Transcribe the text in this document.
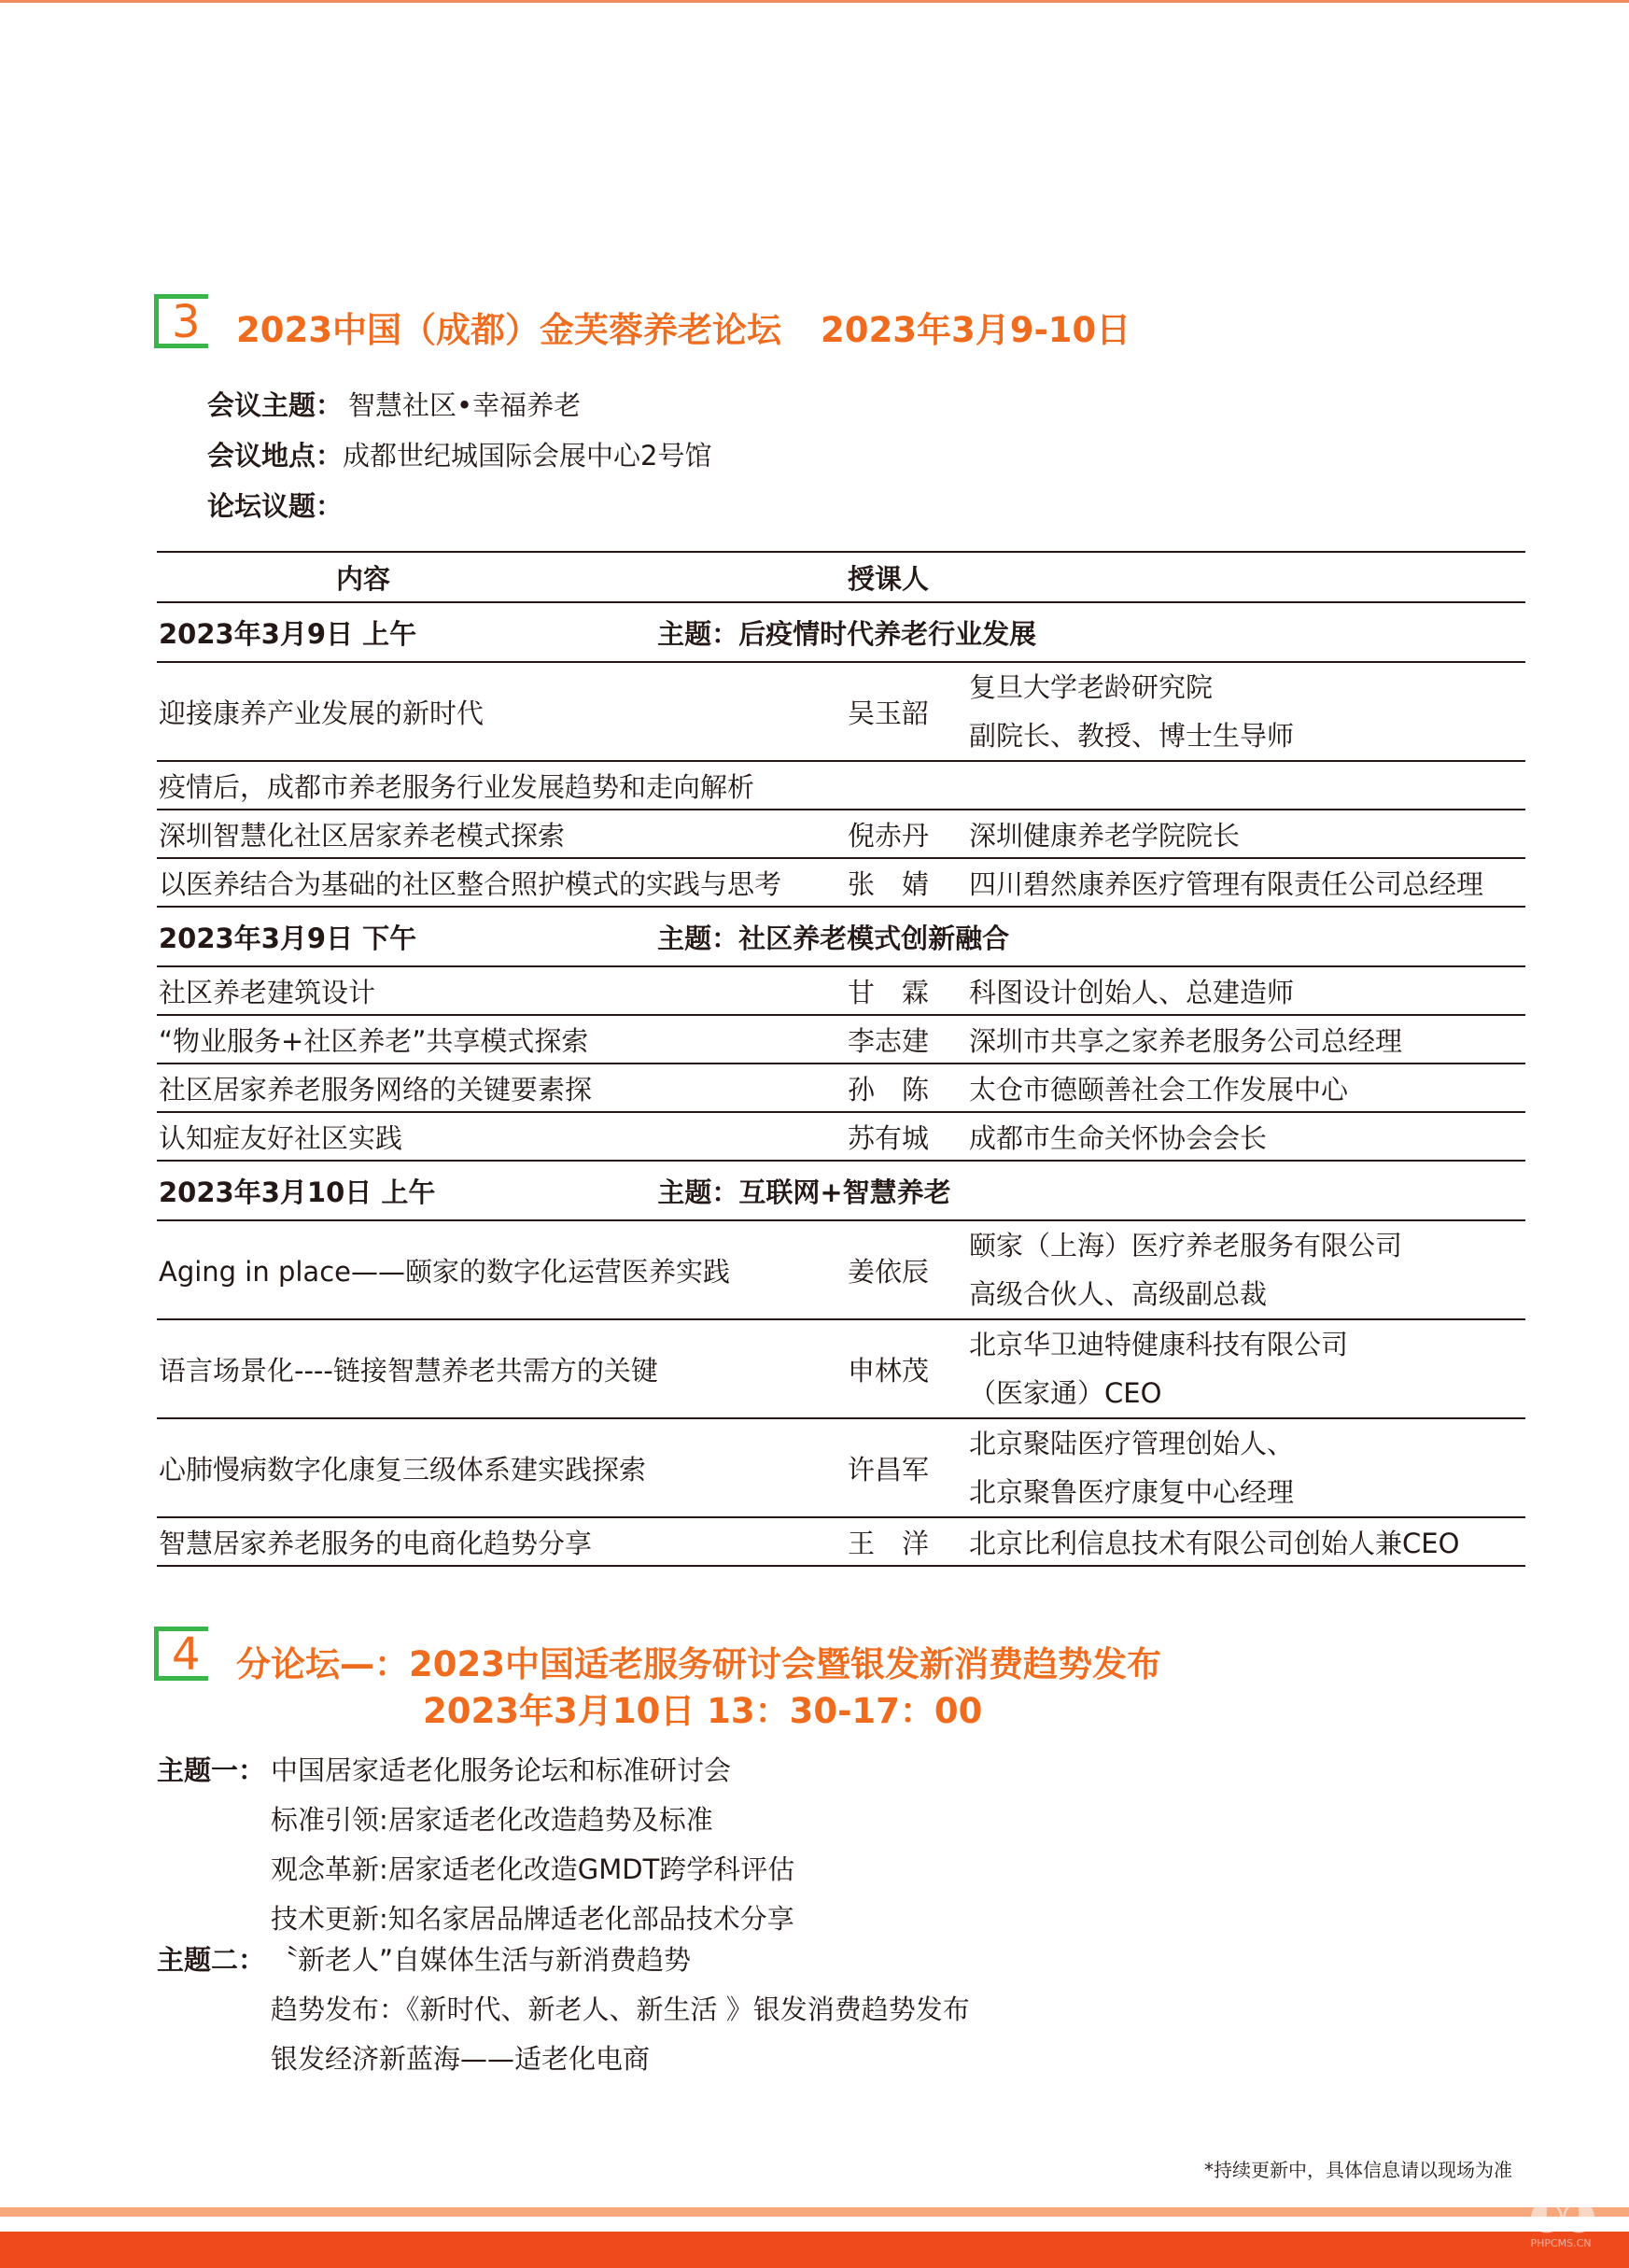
3 2023中国（成都）金芙蓉养老论坛 2023年3月9-10日
会议主题： 智慧社区•幸福养老
会议地点：成都世纪城国际会展中心2号馆
论坛议题：
内容	授课人	
2023年3月9日 上午 主题：后疫情时代养老行业发展		
迎接康养产业发展的新时代	吴玉韶	复旦大学老龄研究院
副院长、教授、博士生导师

疫情后，成都市养老服务行业发展趋势和走向解析		
深圳智慧化社区居家养老模式探索	倪赤丹	深圳健康养老学院院长
以医养结合为基础的社区整合照护模式的实践与思考	张　婧	四川碧然康养医疗管理有限责任公司总经理
2023年3月9日 下午 主题：社区养老模式创新融合		
社区养老建筑设计	甘　霖	科图设计创始人、总建造师
“物业服务+社区养老”共享模式探索	李志建	深圳市共享之家养老服务公司总经理
社区居家养老服务网络的关键要素探	孙　陈	太仓市德颐善社会工作发展中心
认知症友好社区实践	苏有城	成都市生命关怀协会会长
2023年3月10日 上午 主题：互联网+智慧养老		
Aging in place——颐家的数字化运营医养实践	姜依辰	颐家（上海）医疗养老服务有限公司
高级合伙人、高级副总裁

语言场景化----链接智慧养老共需方的关键	申林茂	北京华卫迪特健康科技有限公司
（医家通）CEO

心肺慢病数字化康复三级体系建实践探索	许昌军	北京聚陆医疗管理创始人、
北京聚鲁医疗康复中心经理

智慧居家养老服务的电商化趋势分享	王　洋	北京比利信息技术有限公司创始人兼CEO
4 分论坛—：2023中国适老服务研讨会暨银发新消费趋势发布
2023年3月10日 13：30-17：00
主题一： 中国居家适老化服务论坛和标准研讨会
标准引领:居家适老化改造趋势及标准
观念革新:居家适老化改造GMDT跨学科评估
技术更新:知名家居品牌适老化部品技术分享
主题二： 〝新老人”自媒体生活与新消费趋势
趋势发布：《新时代、新老人、新生活 》银发消费趋势发布
银发经济新蓝海——适老化电商
*持续更新中，具体信息请以现场为准
◐◑
PHPCMS.CN
